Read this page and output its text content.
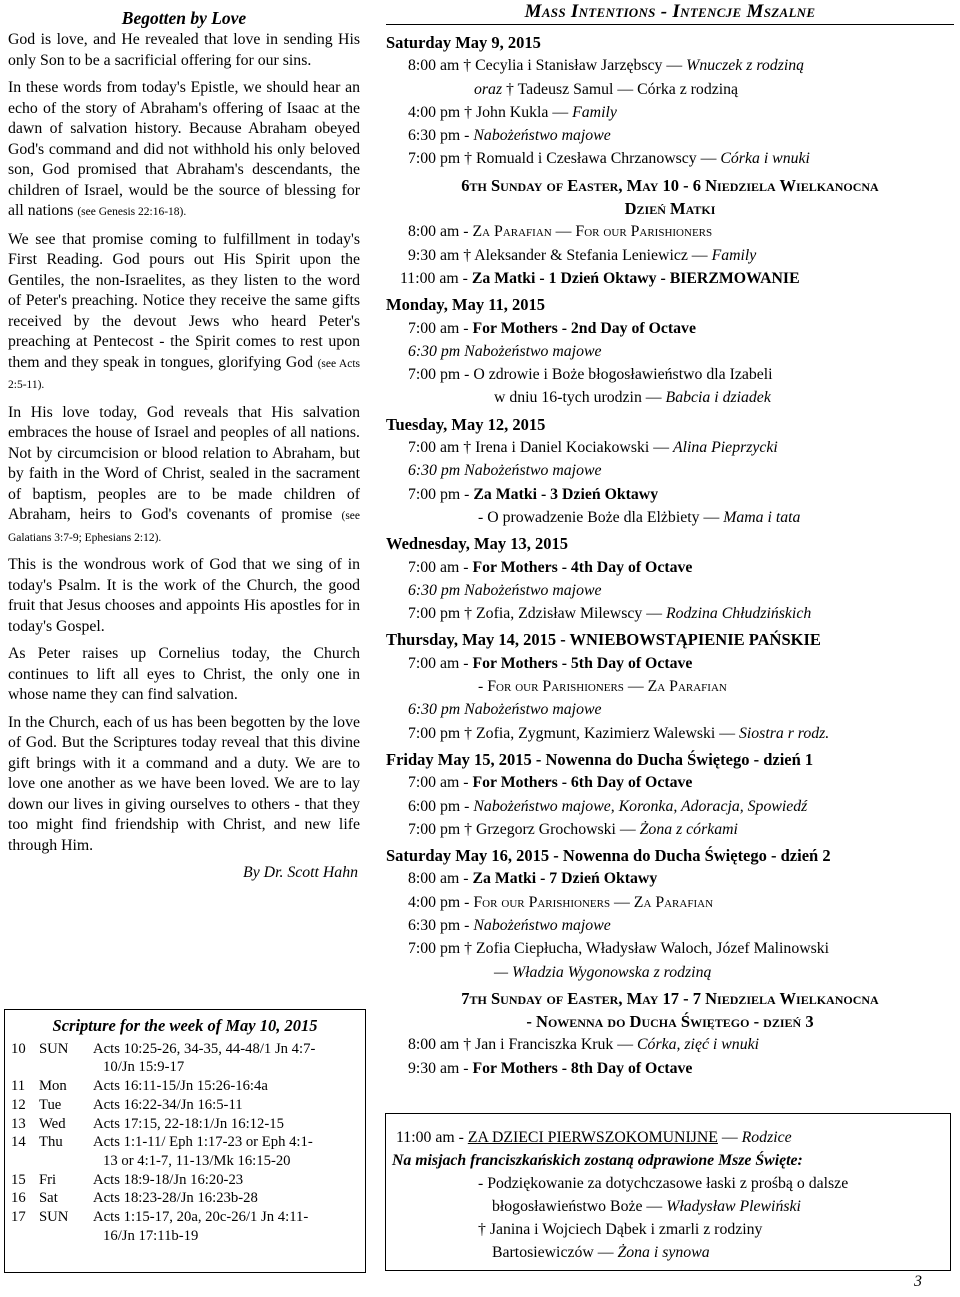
Begotten by Love

God is love, and He revealed that love in sending His only Son to be a sacrificial offering for our sins.

In these words from today's Epistle, we should hear an echo of the story of Abraham's offering of Isaac at the dawn of salvation history. Because Abraham obeyed God's command and did not withhold his only beloved son, God promised that Abraham's descendants, the children of Israel, would be the source of blessing for all nations (see Genesis 22:16-18).

We see that promise coming to fulfillment in today's First Reading. God pours out His Spirit upon the Gentiles, the non-Israelites, as they listen to the word of Peter's preaching. Notice they receive the same gifts received by the devout Jews who heard Peter's preaching at Pentecost - the Spirit comes to rest upon them and they speak in tongues, glorifying God (see Acts 2:5-11).

In His love today, God reveals that His salvation embraces the house of Israel and peoples of all nations. Not by circumcision or blood relation to Abraham, but by faith in the Word of Christ, sealed in the sacrament of baptism, peoples are to be made children of Abraham, heirs to God's covenants of promise (see Galatians 3:7-9; Ephesians 2:12).

This is the wondrous work of God that we sing of in today's Psalm. It is the work of the Church, the good fruit that Jesus chooses and appoints His apostles for in today's Gospel.

As Peter raises up Cornelius today, the Church continues to lift all eyes to Christ, the only one in whose name they can find salvation.

In the Church, each of us has been begotten by the love of God. But the Scriptures today reveal that this divine gift brings with it a command and a duty. We are to love one another as we have been loved. We are to lay down our lives in giving ourselves to others - that they too might find friendship with Christ, and new life through Him.

By Dr. Scott Hahn
Scripture for the week of May 10, 2015
10 SUN	Acts 10:25-26, 34-35, 44-48/1 Jn 4:7-
10/Jn 15:9-17
11 Mon	Acts 16:11-15/Jn 15:26-16:4a
12 Tue	Acts 16:22-34/Jn 16:5-11
13 Wed	Acts 17:15, 22-18:1/Jn 16:12-15
14 Thu	Acts 1:1-11/ Eph 1:17-23 or Eph 4:1-
13 or 4:1-7, 11-13/Mk 16:15-20
15 Fri	Acts 18:9-18/Jn 16:20-23
16 Sat	Acts 18:23-28/Jn 16:23b-28
17 SUN	Acts 1:15-17, 20a, 20c-26/1 Jn 4:11-
16/Jn 17:11b-19
Mass Intentions - Intencje Mszalne
Saturday May 9, 2015
8:00 am † Cecylia i Stanisław Jarzębscy — Wnuczek z rodziną
oraz † Tadeusz Samul — Córka z rodziną
4:00 pm † John Kukla — Family
6:30 pm - Nabożeństwo majowe
7:00 pm † Romuald i Czesława Chrzanowscy — Córka i wnuki
6th Sunday of Easter, May 10 - 6 Niedziela Wielkanocna
Dzień Matki
8:00 am - Za Parafian — For our Parishioners
9:30 am † Aleksander & Stefania Leniewicz — Family
11:00 am - Za Matki - 1 Dzień Oktawy - BIERZMOWANIE
Monday, May 11, 2015
7:00 am - For Mothers - 2nd Day of Octave
6:30 pm Nabożeństwo majowe
7:00 pm - O zdrowie i Boże błogosławieństwo dla Izabeli
w dniu 16-tych urodzin — Babcia i dziadek
Tuesday, May 12, 2015
7:00 am † Irena i Daniel Kociakowski — Alina Pieprzycki
6:30 pm Nabożeństwo majowe
7:00 pm - Za Matki - 3 Dzień Oktawy
- O prowadzenie Boże dla Elżbiety — Mama i tata
Wednesday, May 13, 2015
7:00 am - For Mothers - 4th Day of Octave
6:30 pm Nabożeństwo majowe
7:00 pm † Zofia, Zdzisław Milewscy — Rodzina Chłudzińskich
Thursday, May 14, 2015 - WNIEBOWSTĄPIENIE PAŃSKIE
7:00 am - For Mothers - 5th Day of Octave
- For our Parishioners — Za Parafian
6:30 pm Nabożeństwo majowe
7:00 pm † Zofia, Zygmunt, Kazimierz Walewski — Siostra r rodz.
Friday May 15, 2015 - Nowenna do Ducha Świętego - dzień 1
7:00 am - For Mothers - 6th Day of Octave
6:00 pm - Nabożeństwo majowe, Koronka, Adoracja, Spowiedź
7:00 pm † Grzegorz Grochowski — Żona z córkami
Saturday May 16, 2015 - Nowenna do Ducha Świętego - dzień 2
8:00 am - Za Matki - 7 Dzień Oktawy
4:00 pm - For our Parishioners — Za Parafian
6:30 pm - Nabożeństwo majowe
7:00 pm † Zofia Ciepłucha, Władysław Waloch, Józef Malinowski
— Władzia Wygonowska z rodziną
7th Sunday of Easter, May 17 - 7 Niedziela Wielkanocna
- Nowenna do Ducha Świętego - dzień 3
8:00 am † Jan i Franciszka Kruk — Córka, zięć i wnuki
9:30 am - For Mothers - 8th Day of Octave
11:00 am - ZA DZIECI PIERWSZOKOMUNIJNE — Rodzice
Na misjach franciszkańskich zostaną odprawione Msze Święte:
- Podziękowanie za dotychczasowe łaski z prośbą o dalsze
błogosławieństwo Boże — Władysław Plewiński
† Janina i Wojciech Dąbek i zmarli z rodziny
Bartosiewiczów — Żona i synowa
3
